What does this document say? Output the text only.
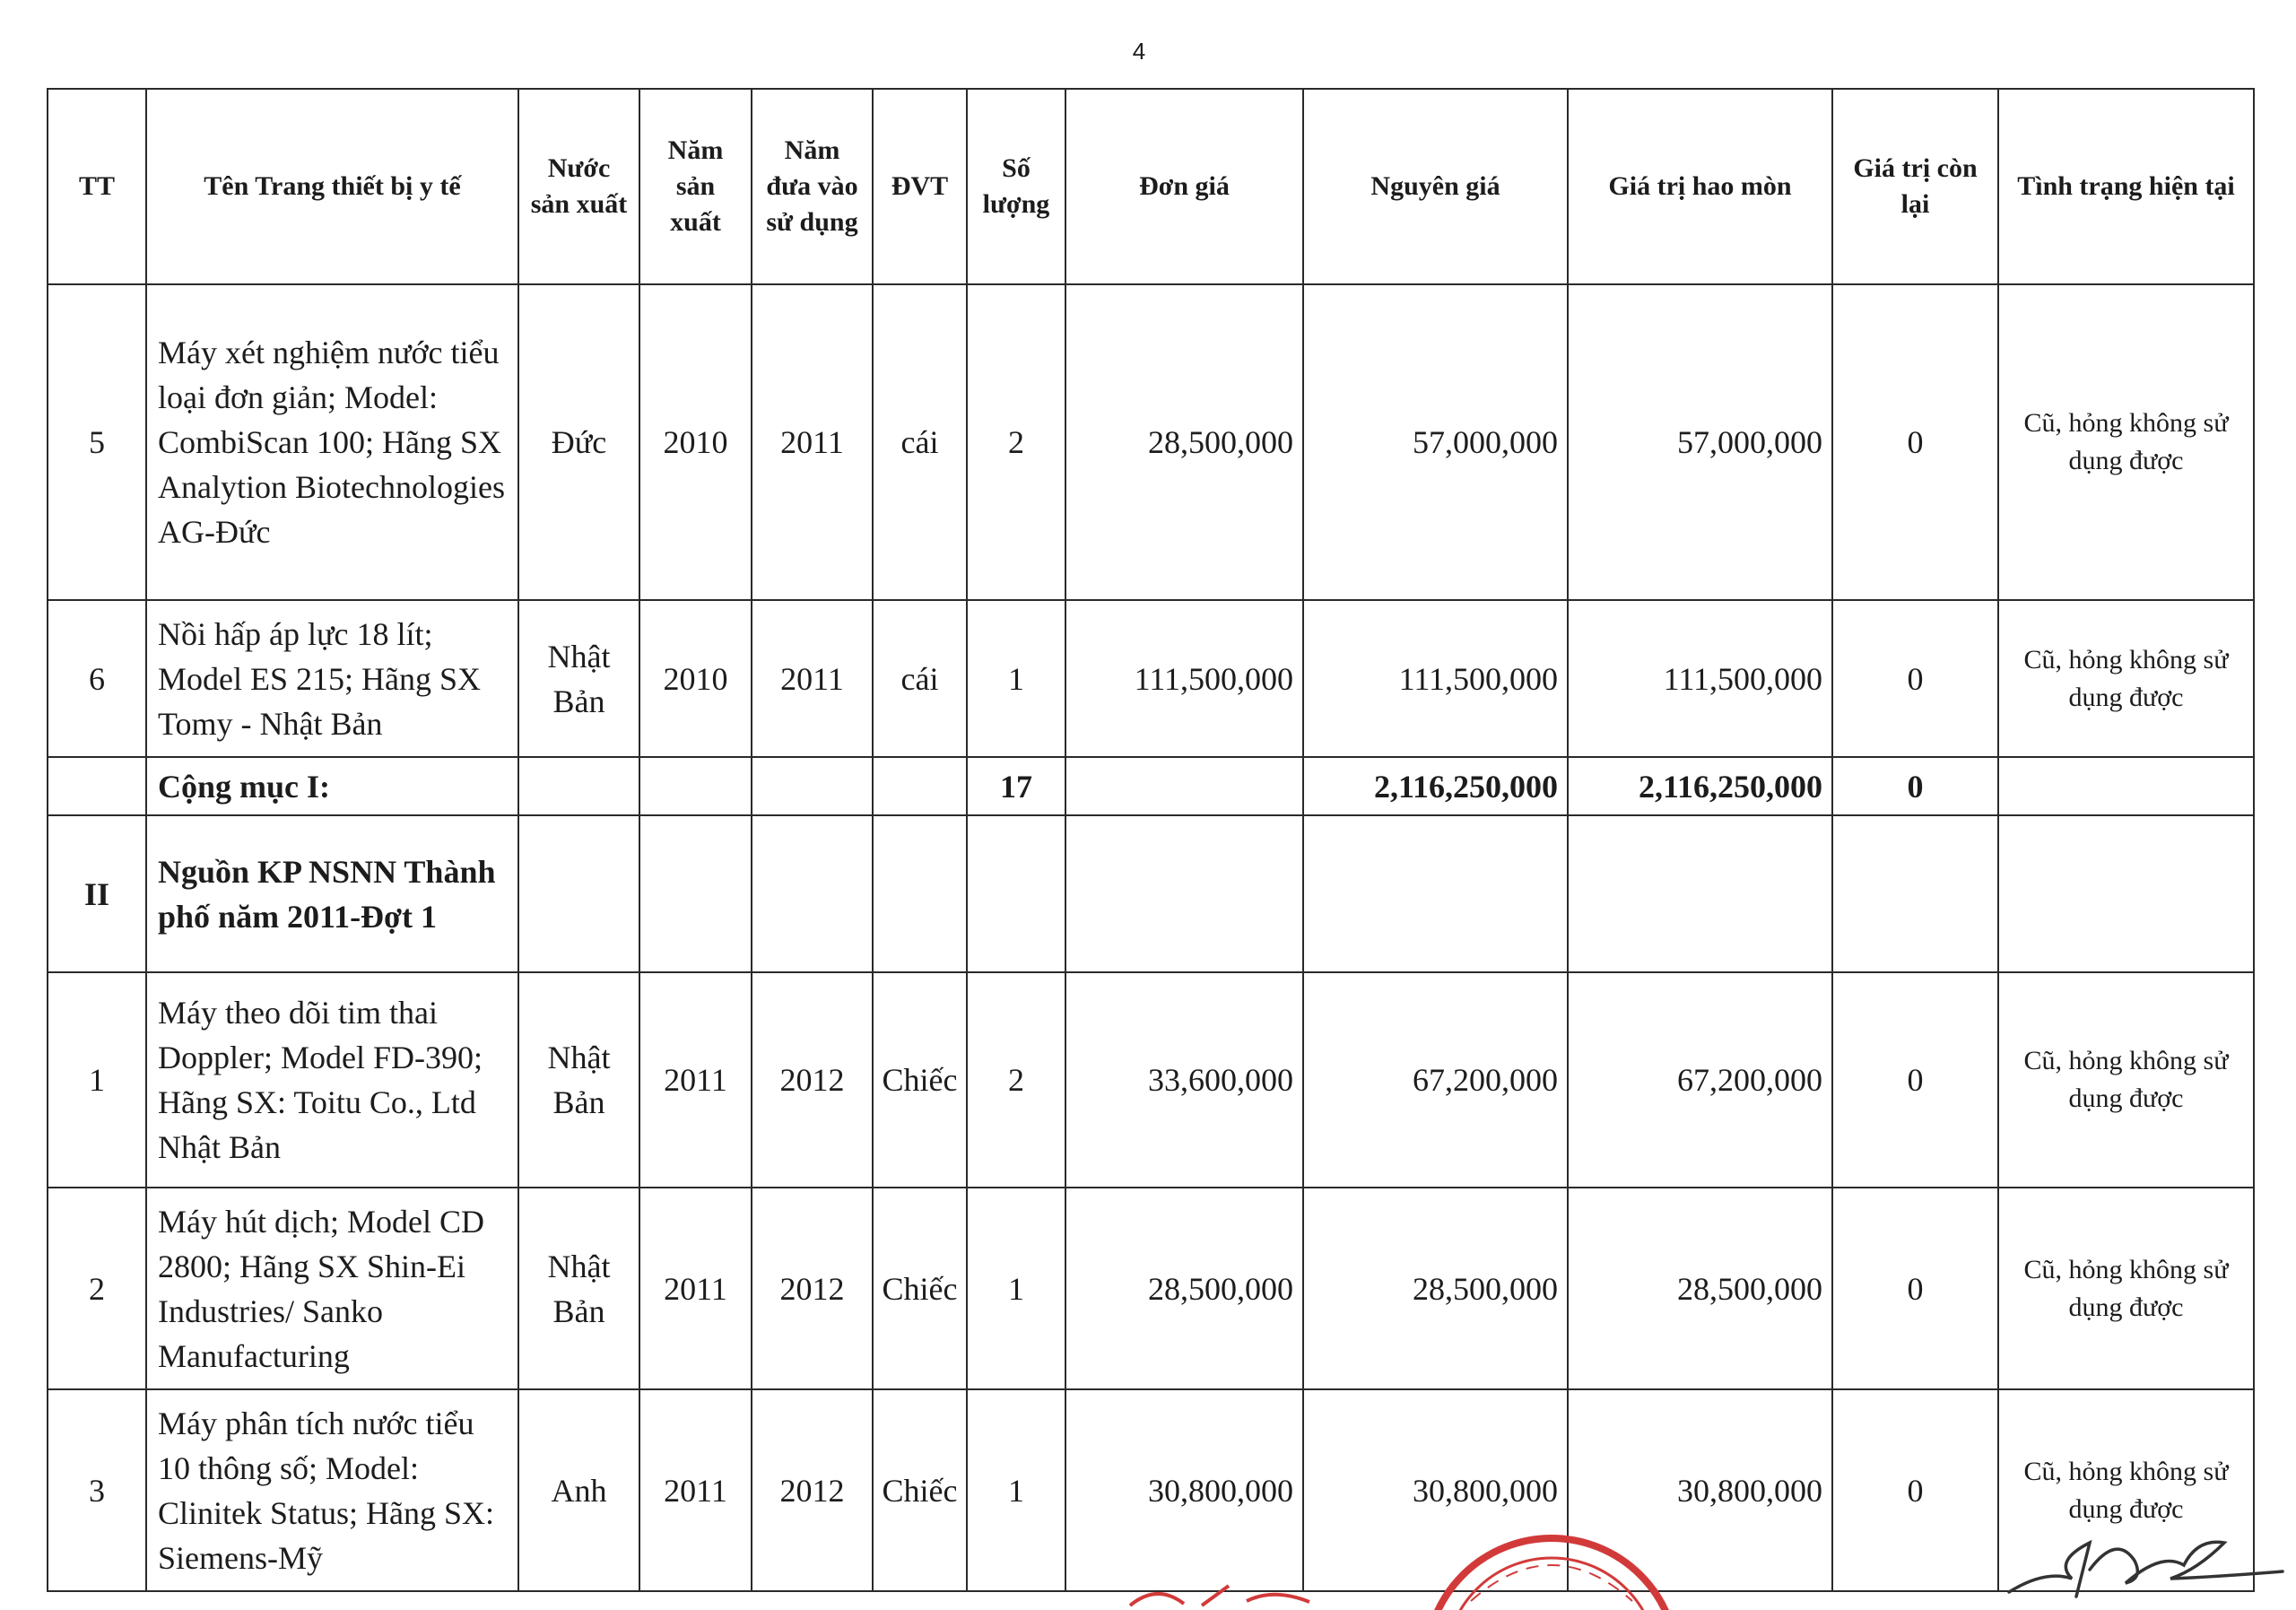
4
TT	Tên Trang thiết bị y tế	Nước sản xuất	Năm sản xuất	Năm đưa vào sử dụng	ĐVT	Số lượng	Đơn giá	Nguyên giá	Giá trị hao mòn	Giá trị còn lại	Tình trạng hiện tại
5	Máy xét nghiệm nước tiểu loại đơn giản; Model: CombiScan 100; Hãng SX Analytion Biotechnologies AG-Đức	Đức	2010	2011	cái	2	28,500,000	57,000,000	57,000,000	0	Cũ, hỏng không sử dụng được
6	Nồi hấp áp lực 18 lít; Model ES 215; Hãng SX Tomy - Nhật Bản	Nhật Bản	2010	2011	cái	1	111,500,000	111,500,000	111,500,000	0	Cũ, hỏng không sử dụng được
	Cộng mục I:					17		2,116,250,000	2,116,250,000	0	
II	Nguồn KP NSNN Thành phố năm 2011-Đợt 1										
1	Máy theo dõi tim thai Doppler; Model FD-390; Hãng SX: Toitu Co., Ltd Nhật Bản	Nhật Bản	2011	2012	Chiếc	2	33,600,000	67,200,000	67,200,000	0	Cũ, hỏng không sử dụng được
2	Máy hút dịch; Model CD 2800; Hãng SX Shin-Ei Industries/ Sanko Manufacturing	Nhật Bản	2011	2012	Chiếc	1	28,500,000	28,500,000	28,500,000	0	Cũ, hỏng không sử dụng được
3	Máy phân tích nước tiểu 10 thông số; Model: Clinitek Status; Hãng SX: Siemens-Mỹ	Anh	2011	2012	Chiếc	1	30,800,000	30,800,000	30,800,000	0	Cũ, hỏng không sử dụng được
